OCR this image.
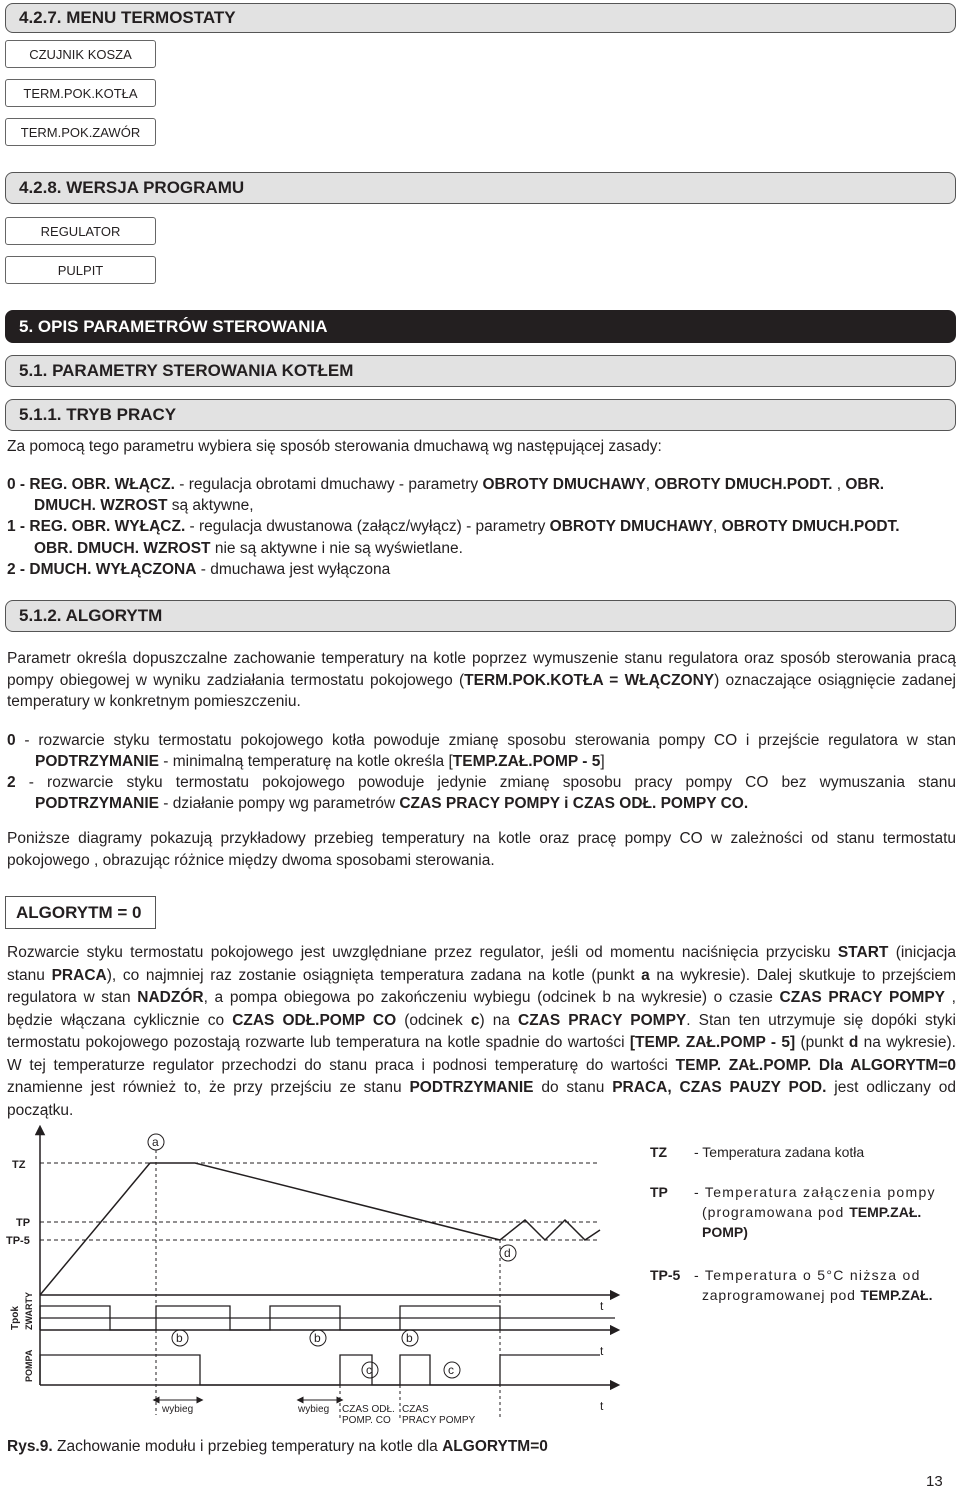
4.2.7. MENU TERMOSTATY
CZUJNIK KOSZA
TERM.POK.KOTŁA
TERM.POK.ZAWÓR
4.2.8. WERSJA PROGRAMU
REGULATOR
PULPIT
5. OPIS PARAMETRÓW STEROWANIA
5.1. PARAMETRY STEROWANIA KOTŁEM
5.1.1. TRYB PRACY
Za pomocą tego parametru wybiera się sposób sterowania dmuchawą wg następującej zasady:
0 - REG. OBR. WŁĄCZ. - regulacja obrotami dmuchawy - parametry OBROTY DMUCHAWY, OBROTY DMUCH.PODT. , OBR.
DMUCH. WZROST są aktywne,
1 - REG. OBR. WYŁĄCZ. - regulacja dwustanowa (załącz/wyłącz) - parametry OBROTY DMUCHAWY, OBROTY DMUCH.PODT.
OBR. DMUCH. WZROST nie są aktywne i nie są wyświetlane.
2 - DMUCH. WYŁĄCZONA - dmuchawa jest wyłączona
5.1.2. ALGORYTM
Parametr określa dopuszczalne zachowanie temperatury na kotle poprzez wymuszenie stanu regulatora oraz sposób sterowania pracą pompy obiegowej w wyniku zadziałania termostatu pokojowego (TERM.POK.KOTŁA = WŁĄCZONY) oznaczające osiągnięcie zadanej temperatury w konkretnym pomieszczeniu.
0 - rozwarcie styku termostatu pokojowego kotła powoduje zmianę sposobu sterowania pompy CO i przejście regulatora w stan
PODTRZYMANIE - minimalną temperaturę na kotle określa [TEMP.ZAŁ.POMP - 5]
2 - rozwarcie styku termostatu pokojowego powoduje jedynie zmianę sposobu pracy pompy CO bez wymuszania stanu
PODTRZYMANIE - działanie pompy wg parametrów CZAS PRACY POMPY i CZAS ODŁ. POMPY CO.
Poniższe diagramy pokazują przykładowy przebieg temperatury na kotle oraz pracę pompy CO w zależności od stanu termostatu pokojowego , obrazując różnice między dwoma sposobami sterowania.
ALGORYTM = 0
Rozwarcie styku termostatu pokojowego jest uwzględniane przez regulator, jeśli od momentu naciśnięcia przycisku START (inicjacja stanu PRACA), co najmniej raz zostanie osiągnięta temperatura zadana na kotle (punkt a na wykresie). Dalej skutkuje to przejściem regulatora w stan NADZÓR, a pompa obiegowa po zakończeniu wybiegu (odcinek b na wykresie) o czasie CZAS PRACY POMPY , będzie włączana cyklicznie co CZAS ODŁ.POMP CO (odcinek c) na CZAS PRACY POMPY. Stan ten utrzymuje się dopóki styki termostatu pokojowego pozostają rozwarte lub temperatura na kotle spadnie do wartości [TEMP. ZAŁ.POMP - 5] (punkt d na wykresie). W tej temperaturze regulator przechodzi do stanu praca i podnosi temperaturę do wartości TEMP. ZAŁ.POMP. Dla ALGORYTM=0 znamienne jest również to, że przy przejściu ze stanu PODTRZYMANIE do stanu PRACA, CZAS PAUZY POD. jest odliczany od początku.
TZ
TP
TP-5
Tpok ZWARTY
POMPA
a
d
t
t
t
b	b	b
c	c
wybieg	wybieg CZAS ODŁ.
POMP. CO
CZAS
PRACY POMPY
TZ - Temperatura zadana kotła
TP - Temperatura załączenia pompy
(programowana pod TEMP.ZAŁ.
POMP)
TP-5 - Temperatura o 5°C niższa od
zaprogramowanej pod TEMP.ZAŁ.
Rys.9. Zachowanie modułu i przebieg temperatury na kotle dla ALGORYTM=0
13
